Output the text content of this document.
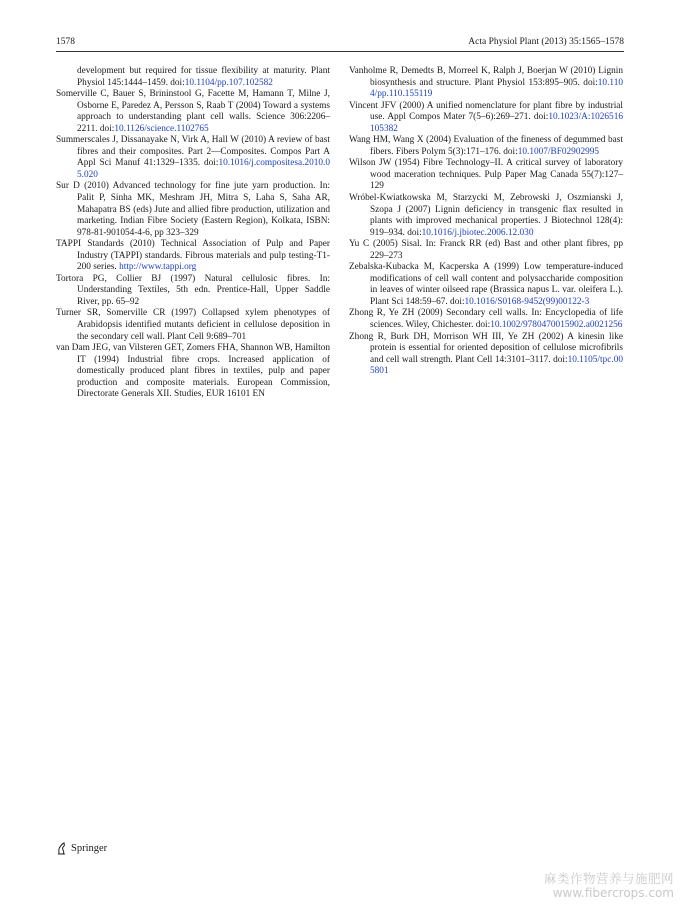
1578	Acta Physiol Plant (2013) 35:1565–1578

development but required for tissue flexibility at maturity. Plant Physiol 145:1444–1459. doi:10.1104/pp.107.102582

Somerville C, Bauer S, Brininstool G, Facette M, Hamann T, Milne J, Osborne E, Paredez A, Persson S, Raab T (2004) Toward a systems approach to understanding plant cell walls. Science 306:2206–2211. doi:10.1126/science.1102765

Summerscales J, Dissanayake N, Virk A, Hall W (2010) A review of bast fibres and their composites. Part 2—Composites. Compos Part A Appl Sci Manuf 41:1329–1335. doi:10.1016/j.compositesa.2010.05.020

Sur D (2010) Advanced technology for fine jute yarn production. In: Palit P, Sinha MK, Meshram JH, Mitra S, Laha S, Saha AR, Mahapatra BS (eds) Jute and allied fibre production, utilization and marketing. Indian Fibre Society (Eastern Region), Kolkata, ISBN: 978-81-901054-4-6, pp 323–329

TAPPI Standards (2010) Technical Association of Pulp and Paper Industry (TAPPI) standards. Fibrous materials and pulp testing-T1-200 series. http://www.tappi.org

Tortora PG, Collier BJ (1997) Natural cellulosic fibres. In: Understanding Textiles, 5th edn. Prentice-Hall, Upper Saddle River, pp. 65–92

Turner SR, Somerville CR (1997) Collapsed xylem phenotypes of Arabidopsis identified mutants deficient in cellulose deposition in the secondary cell wall. Plant Cell 9:689–701

van Dam JEG, van Vilsteren GET, Zomers FHA, Shannon WB, Hamilton IT (1994) Industrial fibre crops. Increased application of domestically produced plant fibres in textiles, pulp and paper production and composite materials. European Commission, Directorate Generals XII. Studies, EUR 16101 EN

Vanholme R, Demedts B, Morreel K, Ralph J, Boerjan W (2010) Lignin biosynthesis and structure. Plant Physiol 153:895–905. doi:10.1104/pp.110.155119

Vincent JFV (2000) A unified nomenclature for plant fibre by industrial use. Appl Compos Mater 7(5–6):269–271. doi:10.1023/A:1026516105382

Wang HM, Wang X (2004) Evaluation of the fineness of degummed bast fibers. Fibers Polym 5(3):171–176. doi:10.1007/BF02902995

Wilson JW (1954) Fibre Technology–II. A critical survey of laboratory wood maceration techniques. Pulp Paper Mag Canada 55(7):127–129

Wróbel-Kwiatkowska M, Starzycki M, Zebrowski J, Oszmianski J, Szopa J (2007) Lignin deficiency in transgenic flax resulted in plants with improved mechanical properties. J Biotechnol 128(4): 919–934. doi:10.1016/j.jbiotec.2006.12.030

Yu C (2005) Sisal. In: Franck RR (ed) Bast and other plant fibres, pp 229–273

Zebalska-Kubacka M, Kacperska A (1999) Low temperature-induced modifications of cell wall content and polysaccharide composition in leaves of winter oilseed rape (Brassica napus L. var. oleifera L.). Plant Sci 148:59–67. doi:10.1016/S0168-9452(99)00122-3

Zhong R, Ye ZH (2009) Secondary cell walls. In: Encyclopedia of life sciences. Wiley, Chichester. doi:10.1002/9780470015902.a0021256

Zhong R, Burk DH, Morrison WH III, Ye ZH (2002) A kinesin like protein is essential for oriented deposition of cellulose microfibrils and cell wall strength. Plant Cell 14:3101–3117. doi:10.1105/tpc.005801

Springer
麻类作物营养与施肥网
www.fibercrops.com
